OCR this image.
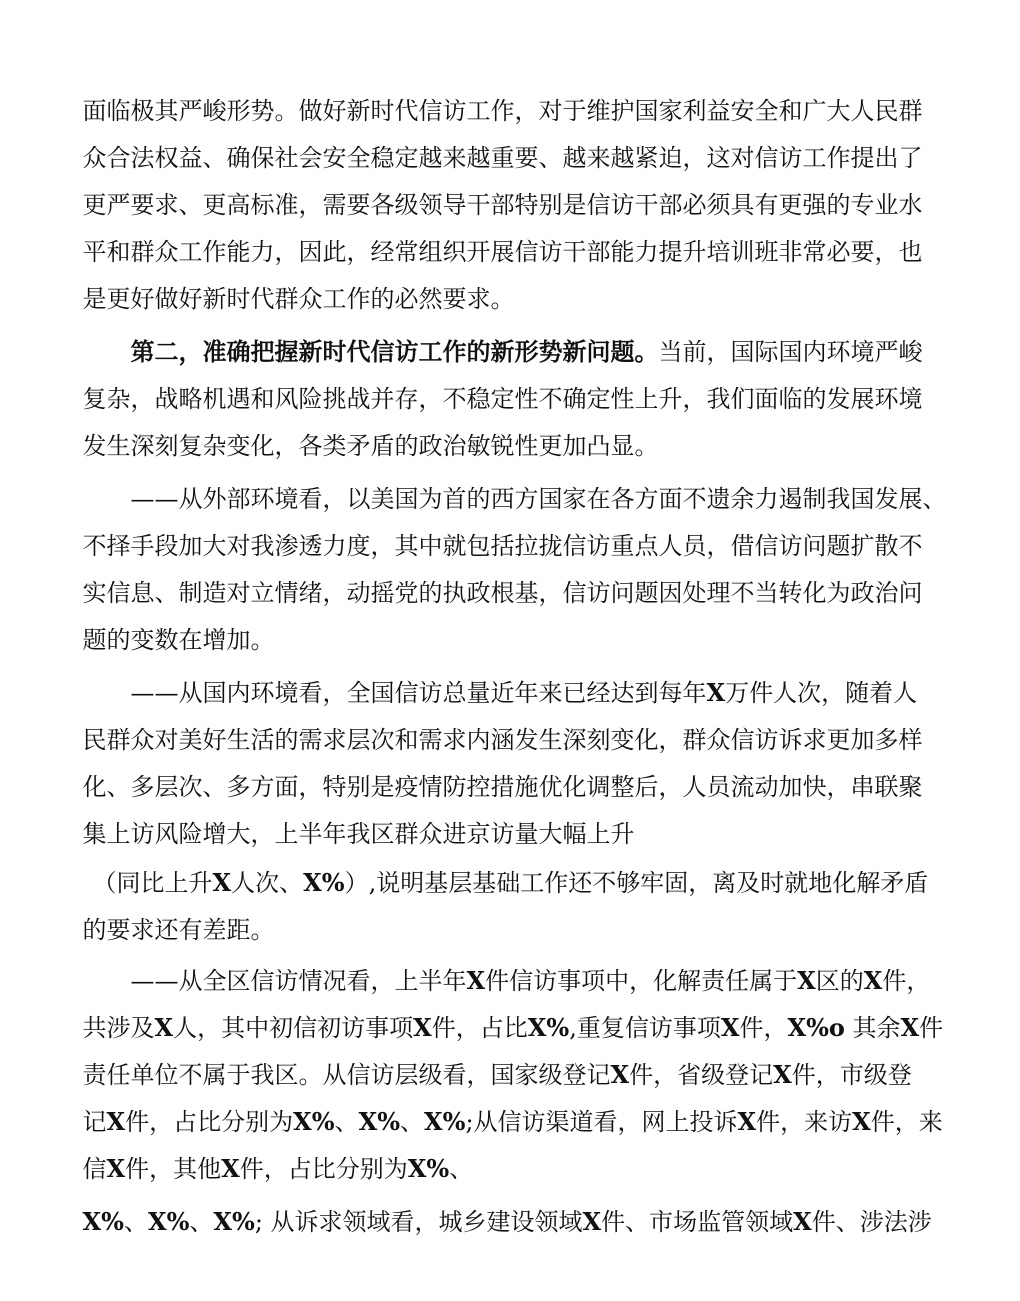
面临极其严峻形势。做好新时代信访工作，对于维护国家利益安全和广大人民群

众合法权益、确保社会安全稳定越来越重要、越来越紧迫，这对信访工作提出了

更严要求、更高标准，需要各级领导干部特别是信访干部必须具有更强的专业水

平和群众工作能力，因此，经常组织开展信访干部能力提升培训班非常必要，也

是更好做好新时代群众工作的必然要求。

第二，准确把握新时代信访工作的新形势新问题。当前，国际国内环境严峻

复杂，战略机遇和风险挑战并存，不稳定性不确定性上升，我们面临的发展环境

发生深刻复杂变化，各类矛盾的政治敏锐性更加凸显。

——从外部环境看，以美国为首的西方国家在各方面不遗余力遏制我国发展、

不择手段加大对我渗透力度，其中就包括拉拢信访重点人员，借信访问题扩散不

实信息、制造对立情绪，动摇党的执政根基，信访问题因处理不当转化为政治问

题的变数在增加。

——从国内环境看，全国信访总量近年来已经达到每年X万件人次，随着人

民群众对美好生活的需求层次和需求内涵发生深刻变化，群众信访诉求更加多样

化、多层次、多方面，特别是疫情防控措施优化调整后，人员流动加快，串联聚

集上访风险增大，上半年我区群众进京访量大幅上升

（同比上升X人次、X%）,说明基层基础工作还不够牢固，离及时就地化解矛盾

的要求还有差距。

——从全区信访情况看，上半年X件信访事项中，化解责任属于X区的X件，

共涉及X人，其中初信初访事项X件，占比X%,重复信访事项X件，X%o 其余X件

责任单位不属于我区。从信访层级看，国家级登记X件，省级登记X件，市级登

记X件，占比分别为X%、X%、X%;从信访渠道看，网上投诉X件，来访X件，来

信X件，其他X件，占比分别为X%、

X%、X%、X%; 从诉求领域看，城乡建设领域X件、市场监管领域X件、涉法涉
